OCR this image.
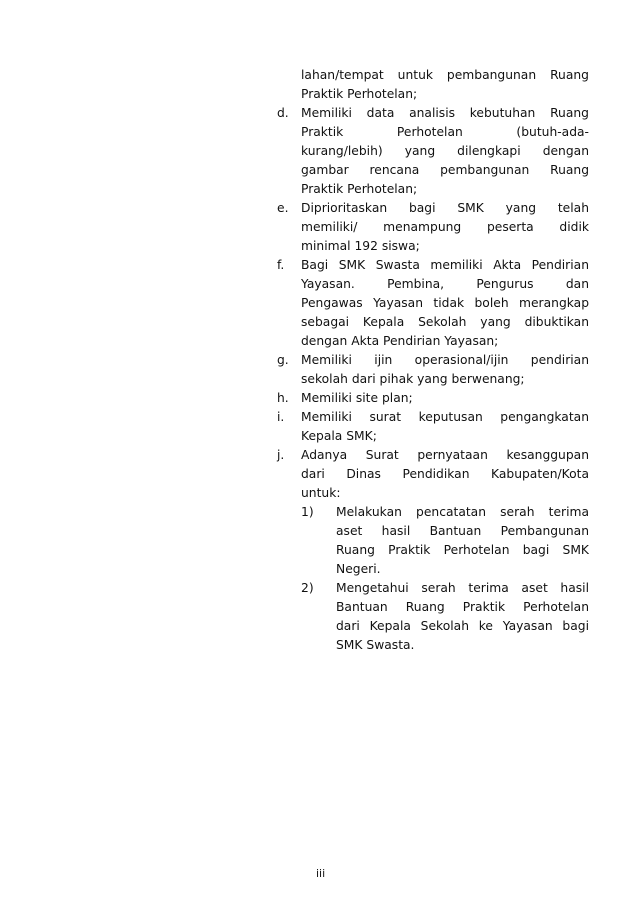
lahan/tempat untuk pembangunan Ruang
Praktik Perhotelan;
d. Memiliki data analisis kebutuhan Ruang
Praktik Perhotelan (butuh-ada-
kurang/lebih) yang dilengkapi dengan
gambar rencana pembangunan Ruang
Praktik Perhotelan;
e. Diprioritaskan bagi SMK yang telah
memiliki/ menampung peserta didik
minimal 192 siswa;
f. Bagi SMK Swasta memiliki Akta Pendirian
Yayasan. Pembina, Pengurus dan
Pengawas Yayasan tidak boleh merangkap
sebagai Kepala Sekolah yang dibuktikan
dengan Akta Pendirian Yayasan;
g. Memiliki ijin operasional/ijin pendirian
sekolah dari pihak yang berwenang;
h. Memiliki site plan;
i. Memiliki surat keputusan pengangkatan
Kepala SMK;
j. Adanya Surat pernyataan kesanggupan
dari Dinas Pendidikan Kabupaten/Kota
untuk:
1) Melakukan pencatatan serah terima
aset hasil Bantuan Pembangunan
Ruang Praktik Perhotelan bagi SMK
Negeri.
2) Mengetahui serah terima aset hasil
Bantuan Ruang Praktik Perhotelan
dari Kepala Sekolah ke Yayasan bagi
SMK Swasta.
iii
